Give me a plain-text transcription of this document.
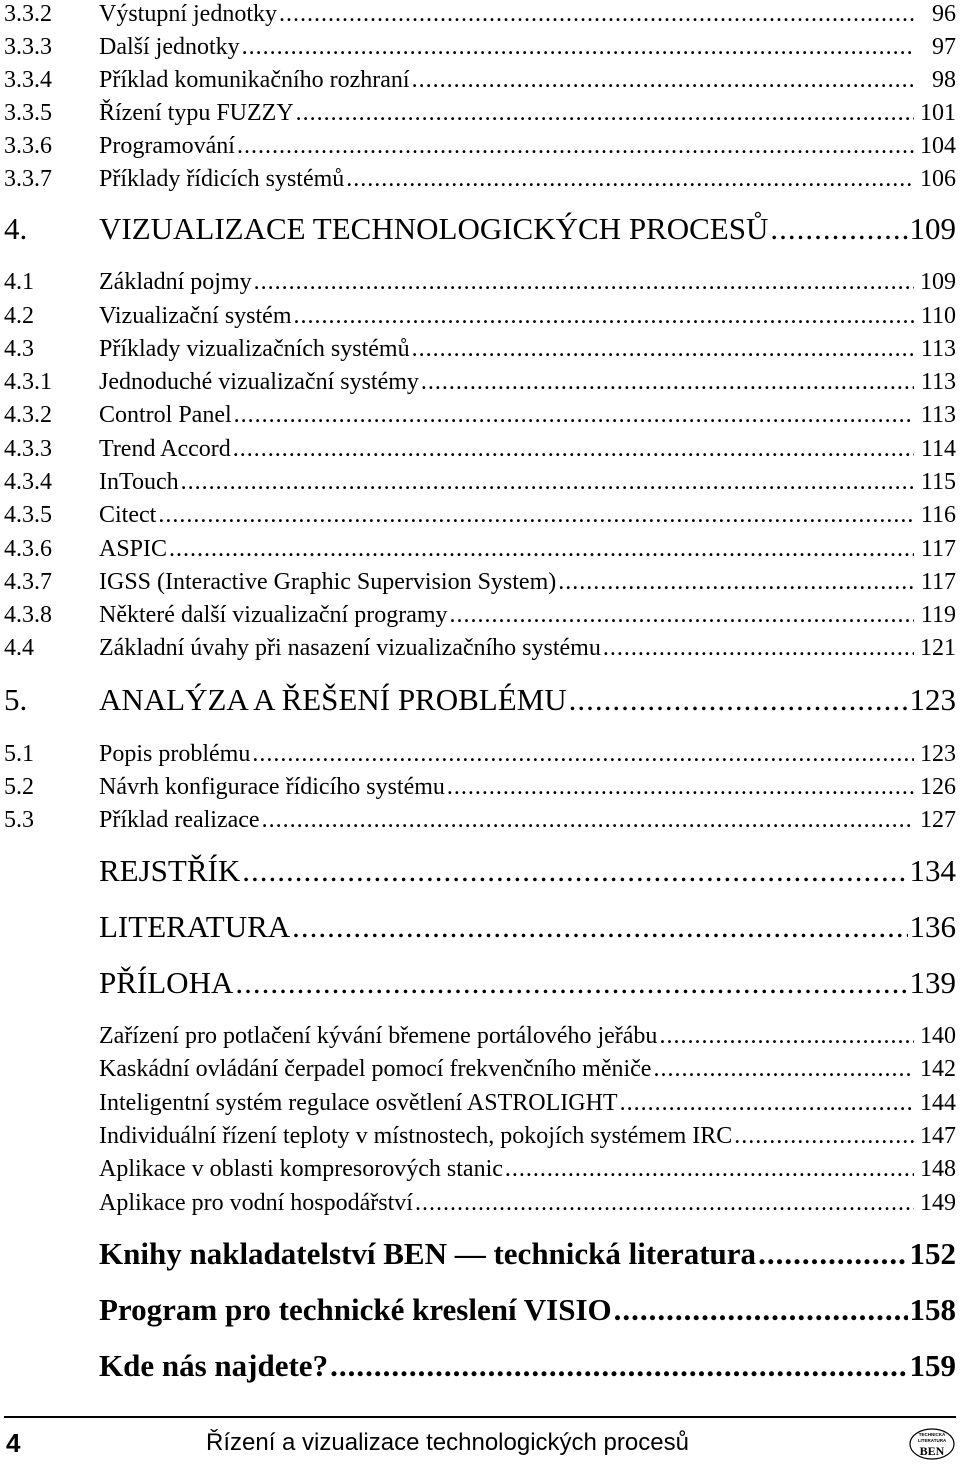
3.3.2 Výstupní jednotky .....	96
3.3.3 Další jednotky .....	97
3.3.4 Příklad komunikačního rozhraní .....	98
3.3.5 Řízení typu FUZZY .....	101
3.3.6 Programování .....	104
3.3.7 Příklady řídicích systémů .....	106
4. VIZUALIZACE TECHNOLOGICKÝCH PROCESŮ .....	109
4.1	Základní pojmy .....	109
4.2	Vizualizační systém .....	110
4.3	Příklady vizualizačních systémů .....	113
4.3.1 Jednoduché vizualizační systémy .....	113
4.3.2 Control Panel .....	113
4.3.3 Trend Accord .....	114
4.3.4 InTouch .....	115
4.3.5 Citect .....	116
4.3.6 ASPIC .....	117
4.3.7 IGSS (Interactive Graphic Supervision System) .....	117
4.3.8 Některé další vizualizační programy .....	119
4.4	Základní úvahy při nasazení vizualizačního systému .....	121
5. ANALÝZA A ŘEŠENÍ PROBLÉMU .....	123
5.1	Popis problému .....	123
5.2	Návrh konfigurace řídicího systému .....	126
5.3	Příklad realizace .....	127
REJSTŘÍK .....	134
LITERATURA .....	136
PŘÍLOHA .....	139
Zařízení pro potlačení kývání břemene portálového jeřábu .....	140
Kaskádní ovládání čerpadel pomocí frekvenčního měniče .....	142
Inteligentní systém regulace osvětlení ASTROLIGHT .....	144
Individuální řízení teploty v místnostech, pokojích systémem IRC .....	147
Aplikace v oblasti kompresorových stanic .....	148
Aplikace pro vodní hospodářství .....	149
Knihy nakladatelství BEN — technická literatura .....	152
Program pro technické kreslení VISIO .....	158
Kde nás najdete? .....	159
4	Řízení a vizualizace technologických procesů	TECHNICKÁ
LITERATURA
BEN
